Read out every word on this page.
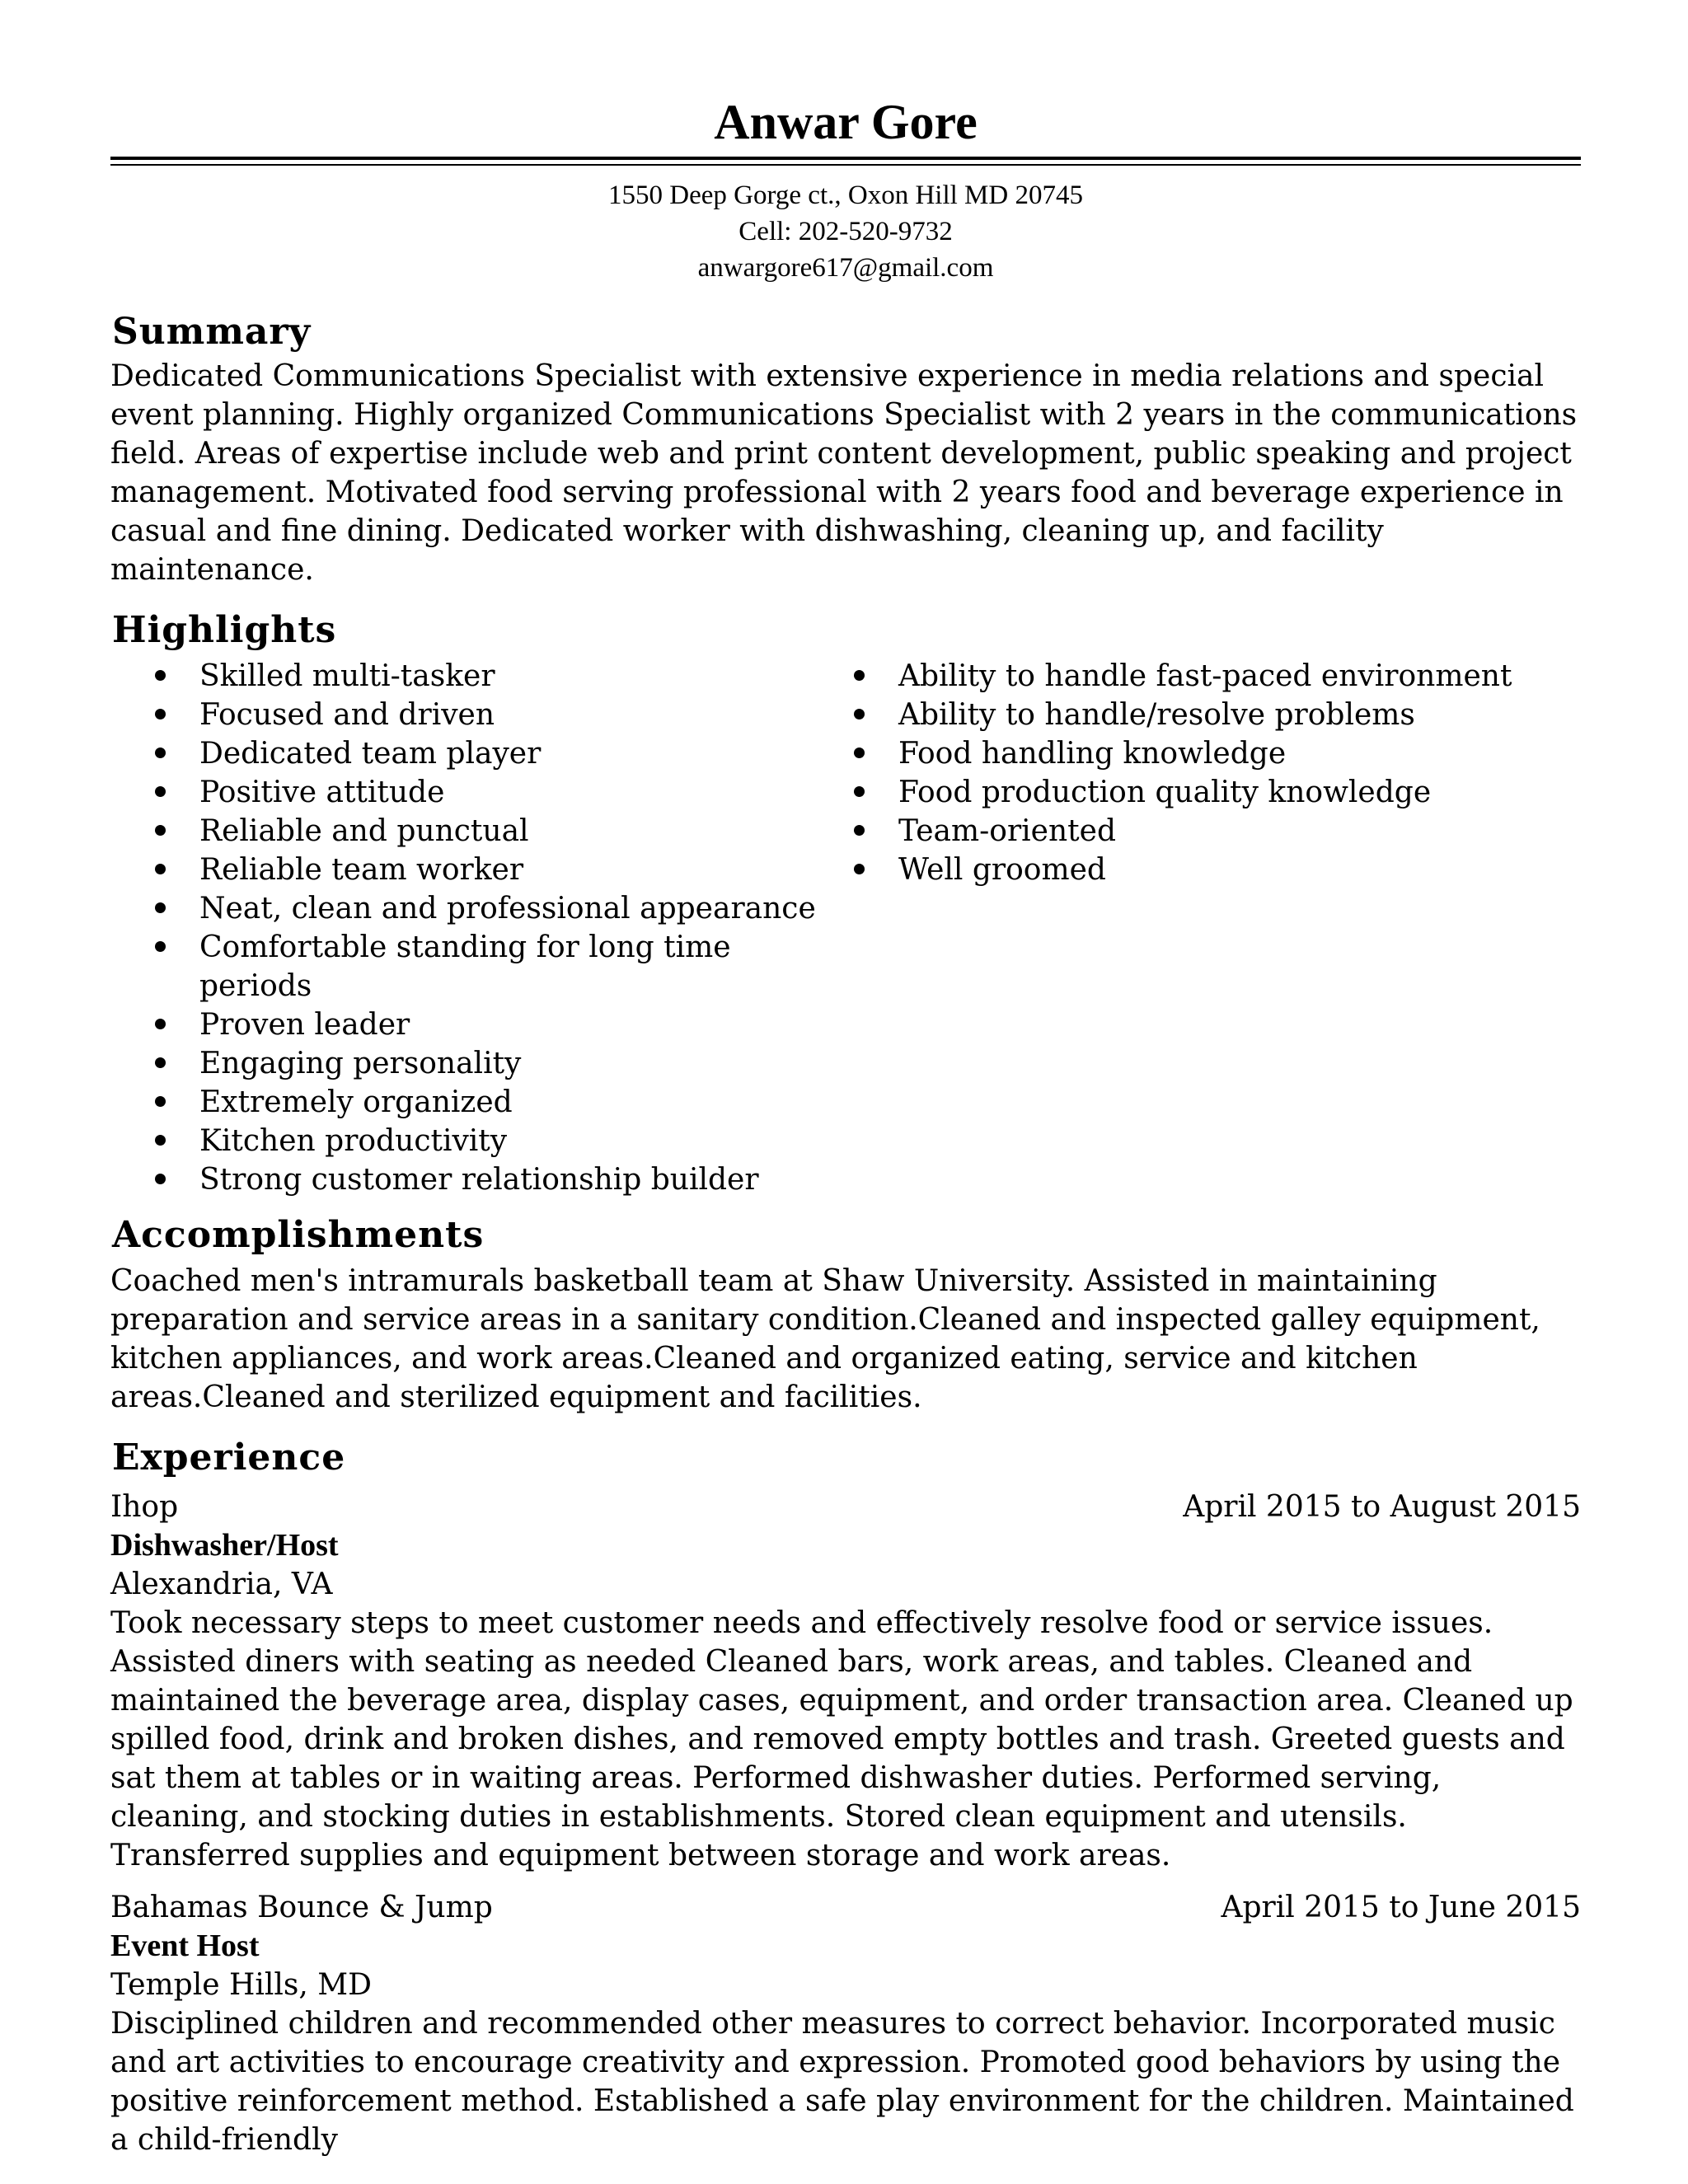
Anwar Gore
1550 Deep Gorge ct., Oxon Hill MD 20745
Cell: 202-520-9732
anwargore617@gmail.com
Summary
Dedicated Communications Specialist with extensive experience in media relations and special event planning. Highly organized Communications Specialist with 2 years in the communications field. Areas of expertise include web and print content development, public speaking and project management. Motivated food serving professional with 2 years food and beverage experience in casual and fine dining. Dedicated worker with dishwashing, cleaning up, and facility maintenance.
Highlights
Skilled multi-tasker
Focused and driven
Dedicated team player
Positive attitude
Reliable and punctual
Reliable team worker
Neat, clean and professional appearance
Comfortable standing for long time periods
Proven leader
Engaging personality
Extremely organized
Kitchen productivity
Strong customer relationship builder
Ability to handle fast-paced environment
Ability to handle/resolve problems
Food handling knowledge
Food production quality knowledge
Team-oriented
Well groomed
Accomplishments
Coached men's intramurals basketball team at Shaw University. Assisted in maintaining preparation and service areas in a sanitary condition.Cleaned and inspected galley equipment, kitchen appliances, and work areas.Cleaned and organized eating, service and kitchen areas.Cleaned and sterilized equipment and facilities.
Experience
Ihop	April 2015 to August 2015
Dishwasher/Host
Alexandria, VA
Took necessary steps to meet customer needs and effectively resolve food or service issues. Assisted diners with seating as needed Cleaned bars, work areas, and tables. Cleaned and maintained the beverage area, display cases, equipment, and order transaction area. Cleaned up spilled food, drink and broken dishes, and removed empty bottles and trash. Greeted guests and sat them at tables or in waiting areas. Performed dishwasher duties. Performed serving, cleaning, and stocking duties in establishments. Stored clean equipment and utensils. Transferred supplies and equipment between storage and work areas.
Bahamas Bounce & Jump	April 2015 to June 2015
Event Host
Temple Hills, MD
Disciplined children and recommended other measures to correct behavior. Incorporated music and art activities to encourage creativity and expression. Promoted good behaviors by using the positive reinforcement method. Established a safe play environment for the children. Maintained a child-friendly
